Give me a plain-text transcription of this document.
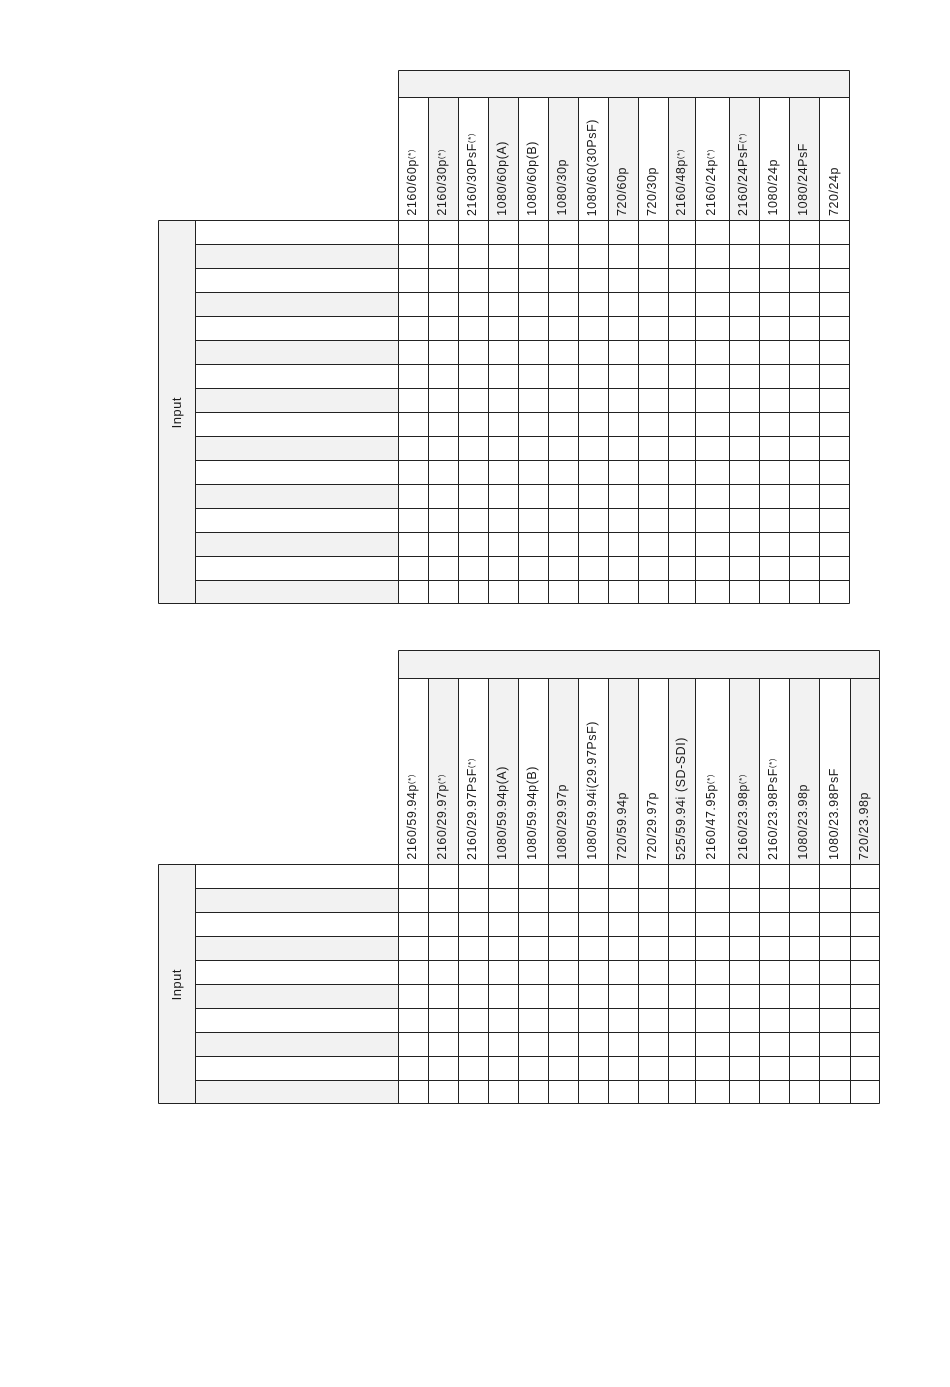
2160/60p(*)
2160/30p(*) 2160/30PsF(*)
1080/60p(A) 1080/60p(B) 1080/30p 1080/60(30PsF) 720/60p 720/30p 2160/48p(*)
2160/24p(*) 2160/24PsF(*)
1080/24p 1080/24PsF 720/24p
Input
2160/59.94p(*)
2160/29.97p(*) 2160/29.97PsF(*)
1080/59.94p(A) 1080/59.94p(B) 1080/29.97p 1080/59.94i(29.97PsF) 720/59.94p 720/29.97p 525/59.94i (SD-SDI) 2160/47.95p(*)
2160/23.98p(*) 2160/23.98PsF(*)
1080/23.98p 1080/23.98PsF 720/23.98p
Input
